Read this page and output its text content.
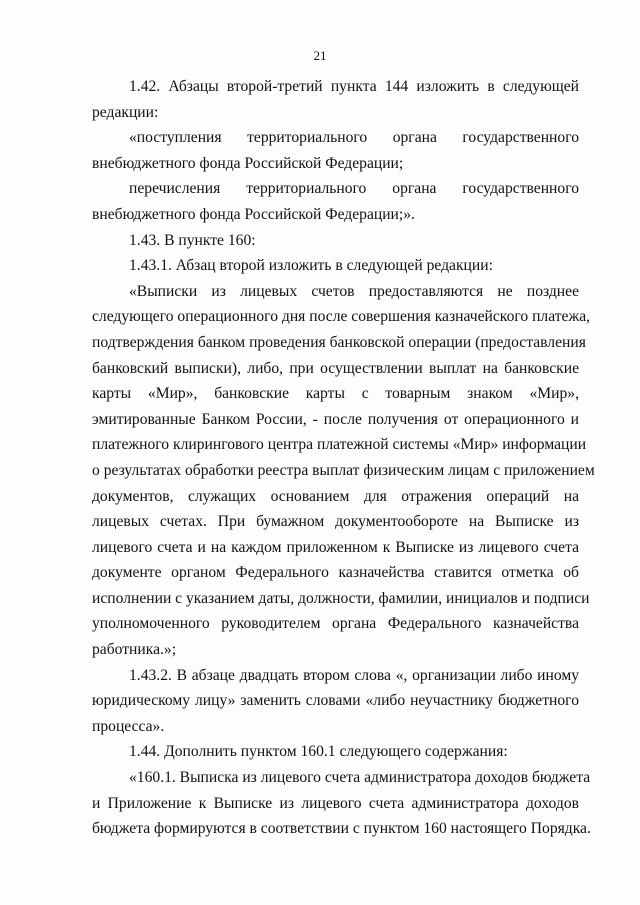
21
1.42. Абзацы второй-третий пункта 144 изложить в следующей
редакции:
«поступления территориального органа государственного
внебюджетного фонда Российской Федерации;
перечисления территориального органа государственного
внебюджетного фонда Российской Федерации;».
1.43. В пункте 160:
1.43.1. Абзац второй изложить в следующей редакции:
«Выписки из лицевых счетов предоставляются не позднее
следующего операционного дня после совершения казначейского платежа,
подтверждения банком проведения банковской операции (предоставления
банковский выписки), либо, при осуществлении выплат на банковские
карты «Мир», банковские карты с товарным знаком «Мир»,
эмитированные Банком России, - после получения от операционного и
платежного клирингового центра платежной системы «Мир» информации
о результатах обработки реестра выплат физическим лицам с приложением
документов, служащих основанием для отражения операций на
лицевых счетах. При бумажном документообороте на Выписке из
лицевого счета и на каждом приложенном к Выписке из лицевого счета
документе органом Федерального казначейства ставится отметка об
исполнении с указанием даты, должности, фамилии, инициалов и подписи
уполномоченного руководителем органа Федерального казначейства
работника.»;
1.43.2. В абзаце двадцать втором слова «, организации либо иному
юридическому лицу» заменить словами «либо неучастнику бюджетного
процесса».
1.44. Дополнить пунктом 160.1 следующего содержания:
«160.1. Выписка из лицевого счета администратора доходов бюджета
и Приложение к Выписке из лицевого счета администратора доходов
бюджета формируются в соответствии с пунктом 160 настоящего Порядка.
